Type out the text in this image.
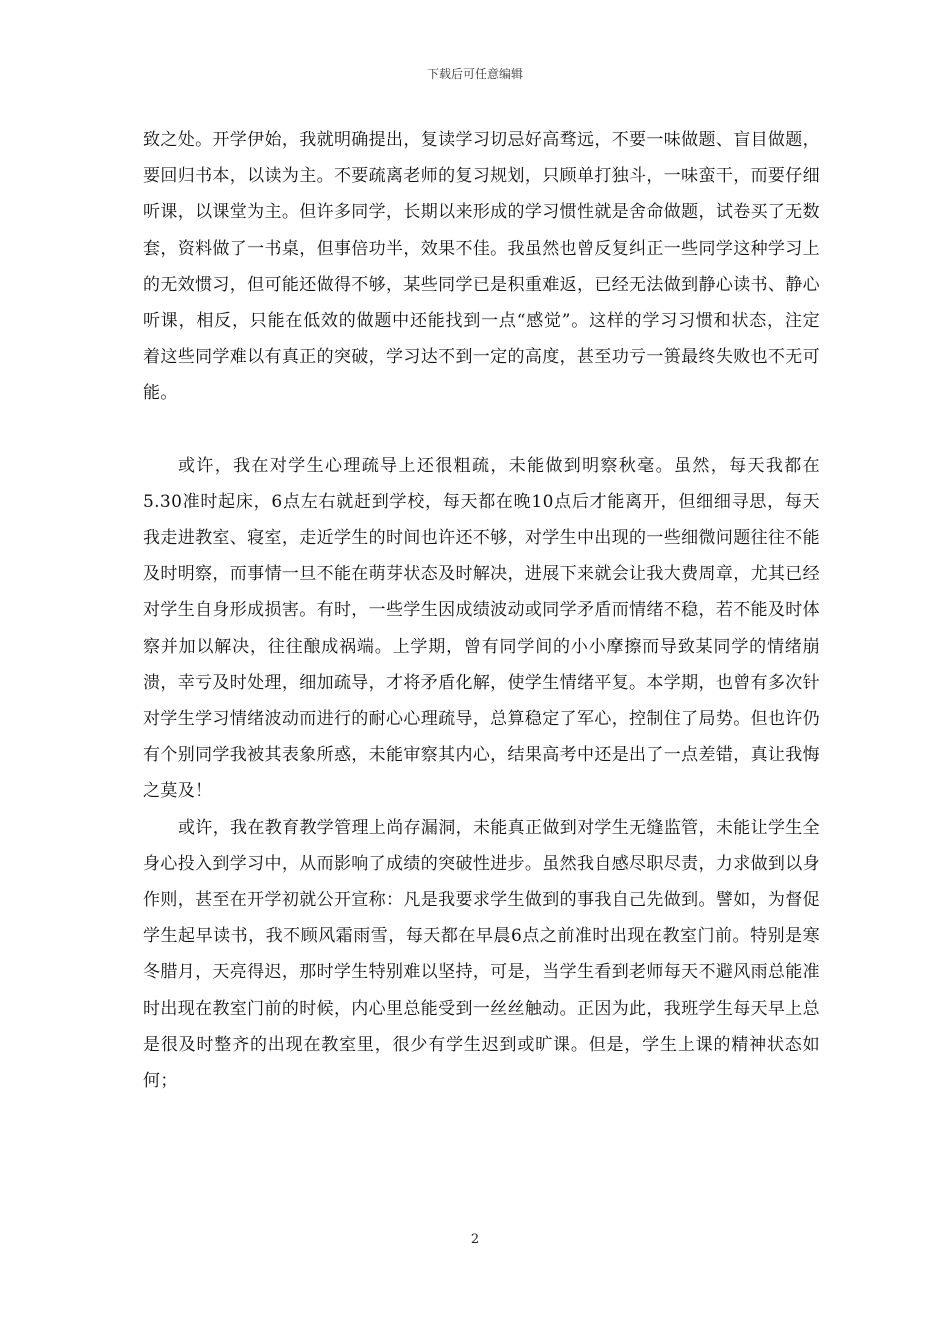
下载后可任意编辑

致之处。开学伊始，我就明确提出，复读学习切忌好高骛远，不要一味做题、盲目做题，要回归书本，以读为主。不要疏离老师的复习规划，只顾单打独斗，一味蛮干，而要仔细听课，以课堂为主。但许多同学，长期以来形成的学习惯性就是舍命做题，试卷买了无数套，资料做了一书桌，但事倍功半，效果不佳。我虽然也曾反复纠正一些同学这种学习上的无效惯习，但可能还做得不够，某些同学已是积重难返，已经无法做到静心读书、静心听课，相反，只能在低效的做题中还能找到一点“感觉”。这样的学习习惯和状态，注定着这些同学难以有真正的突破，学习达不到一定的高度，甚至功亏一篑最终失败也不无可能。

或许，我在对学生心理疏导上还很粗疏，未能做到明察秋毫。虽然，每天我都在5.30准时起床，6点左右就赶到学校，每天都在晚10点后才能离开，但细细寻思，每天我走进教室、寝室，走近学生的时间也许还不够，对学生中出现的一些细微问题往往不能及时明察，而事情一旦不能在萌芽状态及时解决，进展下来就会让我大费周章，尤其已经对学生自身形成损害。有时，一些学生因成绩波动或同学矛盾而情绪不稳，若不能及时体察并加以解决，往往酿成祸端。上学期，曾有同学间的小小摩擦而导致某同学的情绪崩溃，幸亏及时处理，细加疏导，才将矛盾化解，使学生情绪平复。本学期，也曾有多次针对学生学习情绪波动而进行的耐心心理疏导，总算稳定了军心，控制住了局势。但也许仍有个别同学我被其表象所惑，未能审察其内心，结果高考中还是出了一点差错，真让我悔之莫及！

或许，我在教育教学管理上尚存漏洞，未能真正做到对学生无缝监管，未能让学生全身心投入到学习中，从而影响了成绩的突破性进步。虽然我自感尽职尽责，力求做到以身作则，甚至在开学初就公开宣称：凡是我要求学生做到的事我自己先做到。譬如，为督促学生起早读书，我不顾风霜雨雪，每天都在早晨6点之前准时出现在教室门前。特别是寒冬腊月，天亮得迟，那时学生特别难以坚持，可是，当学生看到老师每天不避风雨总能准时出现在教室门前的时候，内心里总能受到一丝丝触动。正因为此，我班学生每天早上总是很及时整齐的出现在教室里，很少有学生迟到或旷课。但是，学生上课的精神状态如何；

2
